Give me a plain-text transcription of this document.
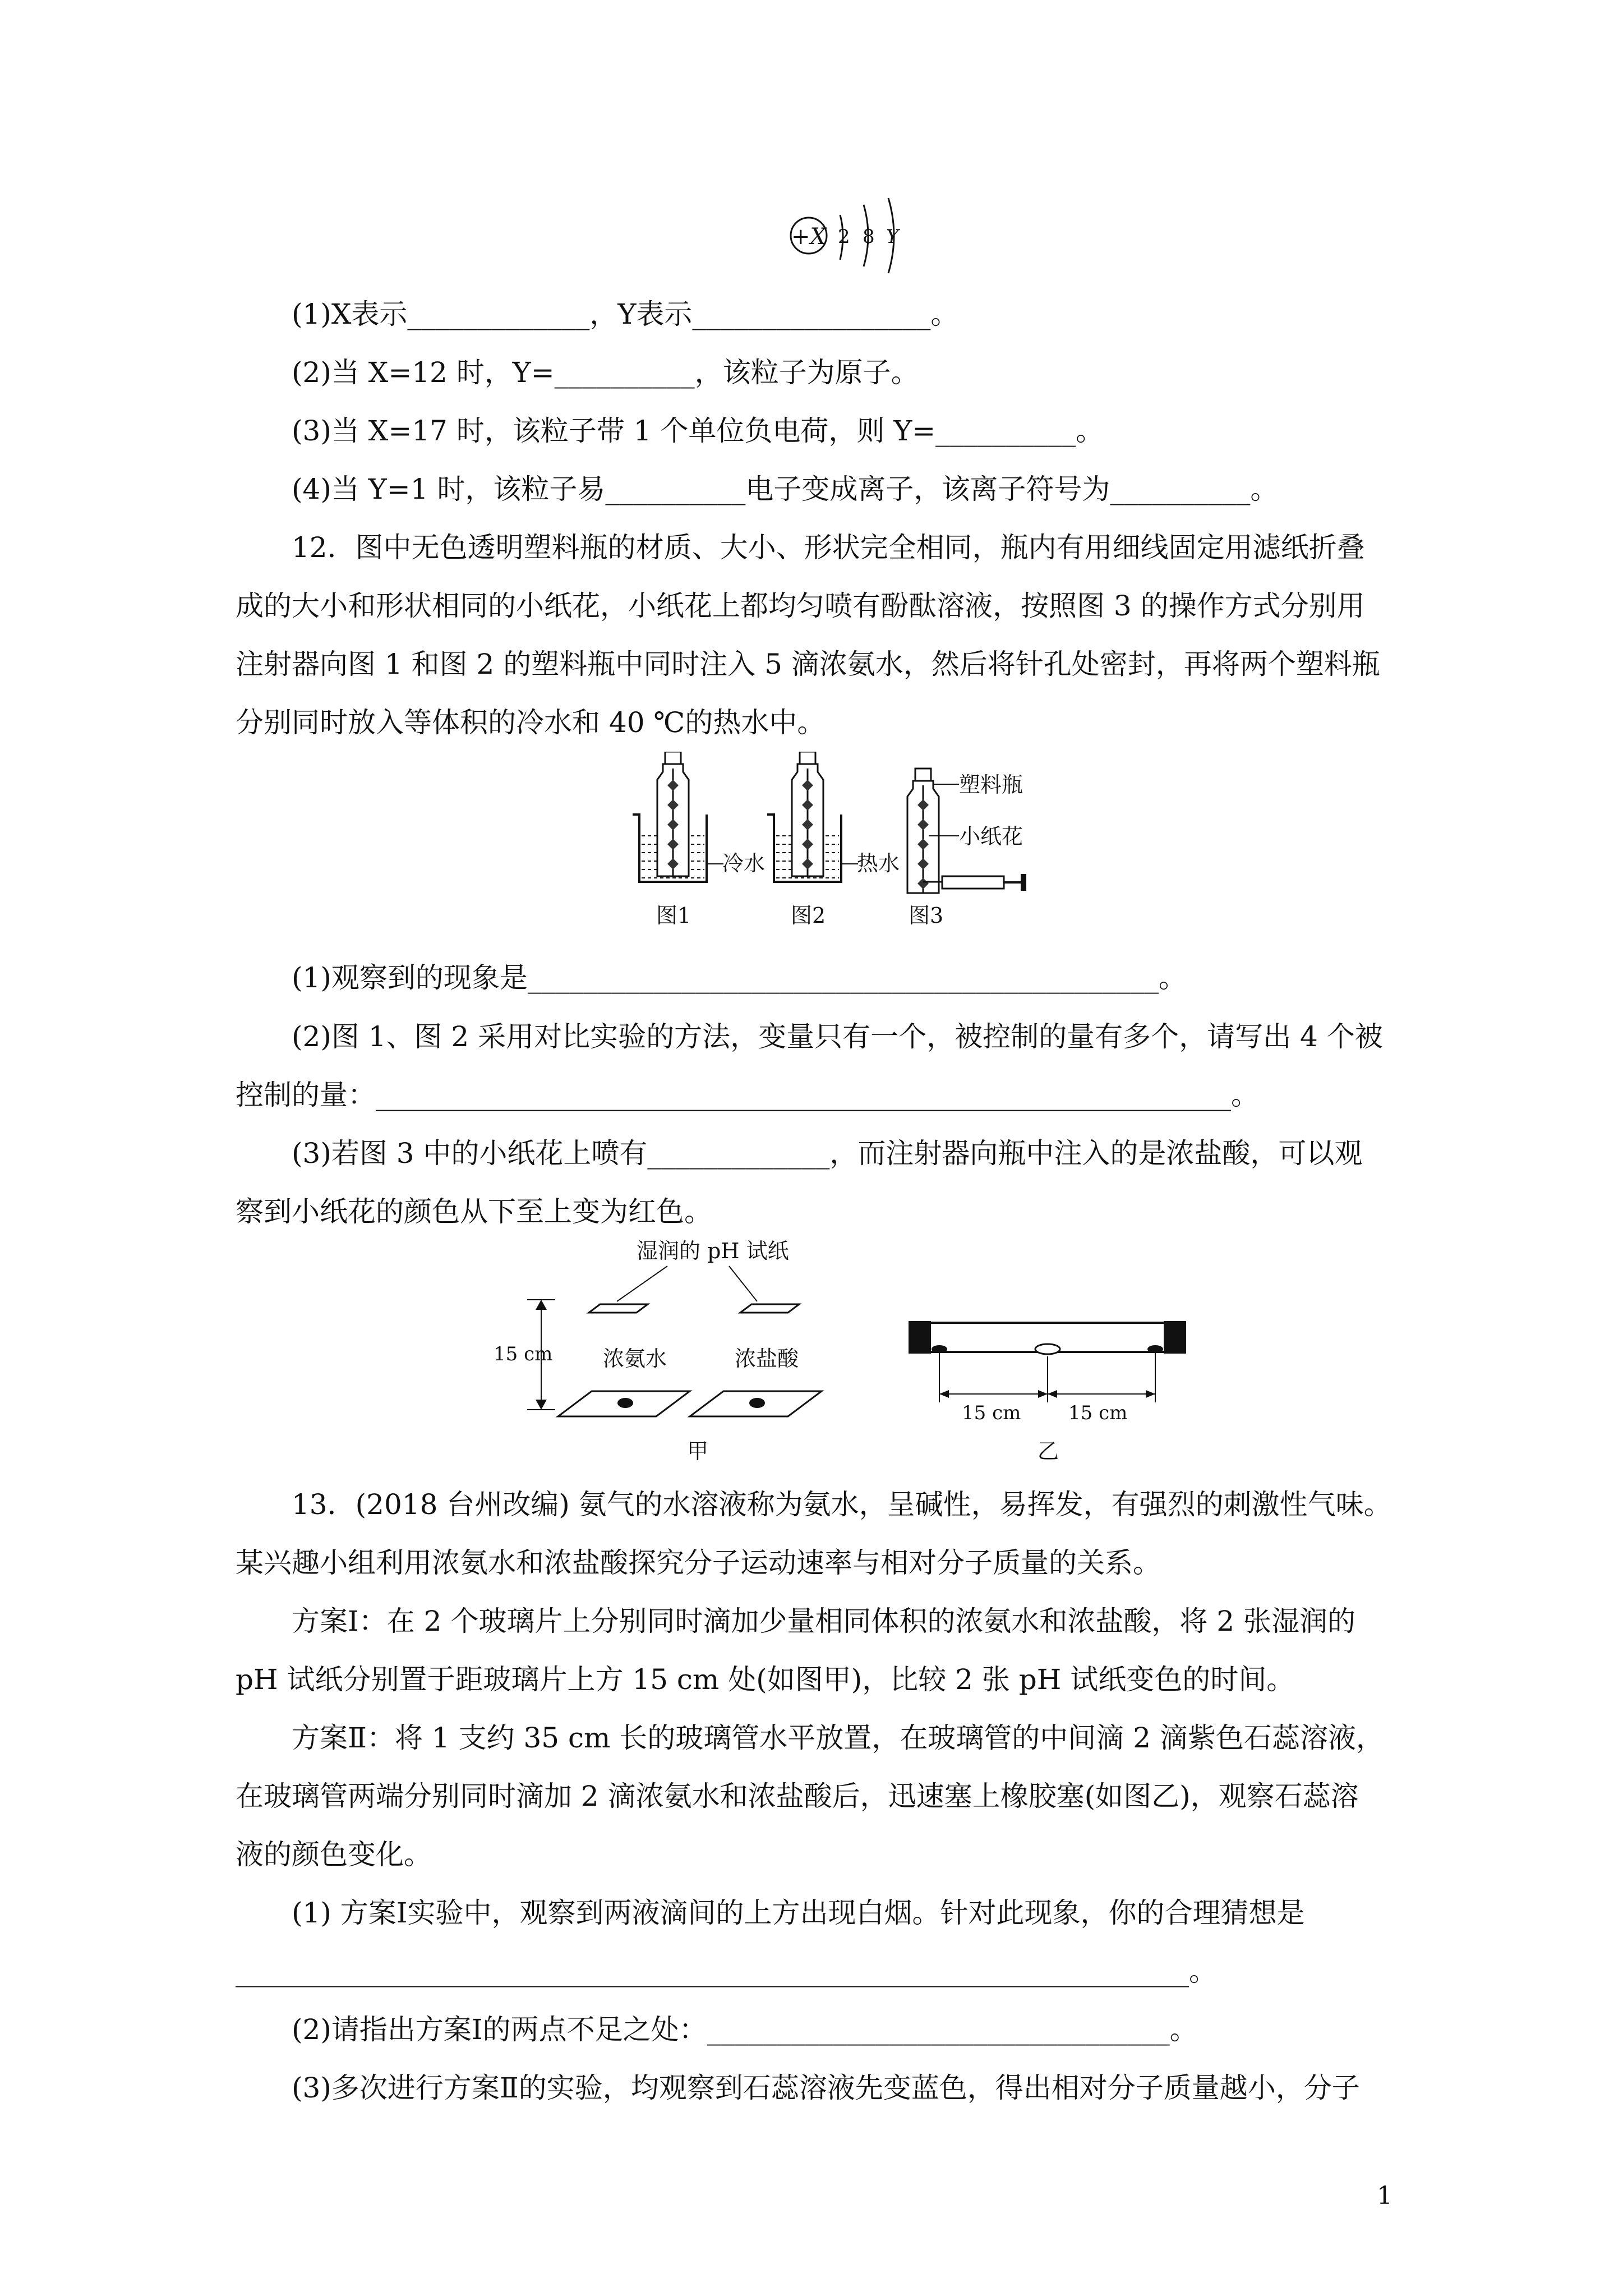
+X 2 8 Y
(1)X表示_____________，Y表示_________________。
(2)当 X=12 时，Y=__________，该粒子为原子。
(3)当 X=17 时，该粒子带 1 个单位负电荷，则 Y=__________。
(4)当 Y=1 时，该粒子易__________电子变成离子，该离子符号为__________。
12．图中无色透明塑料瓶的材质、大小、形状完全相同，瓶内有用细线固定用滤纸折叠
成的大小和形状相同的小纸花，小纸花上都均匀喷有酚酞溶液，按照图 3 的操作方式分别用
注射器向图 1 和图 2 的塑料瓶中同时注入 5 滴浓氨水，然后将针孔处密封，再将两个塑料瓶
分别同时放入等体积的冷水和 40 ℃的热水中。
冷水
图1
热水
图2
塑料瓶
小纸花
图3
(1)观察到的现象是_____________________________________________。
(2)图 1、图 2 采用对比实验的方法，变量只有一个，被控制的量有多个，请写出 4 个被
控制的量：_____________________________________________________________。
(3)若图 3 中的小纸花上喷有_____________，而注射器向瓶中注入的是浓盐酸，可以观
察到小纸花的颜色从下至上变为红色。
湿润的 pH 试纸
15 cm 浓氨水	浓盐酸
甲
15 cm 15 cm
乙
13．(2018 台州改编) 氨气的水溶液称为氨水，呈碱性，易挥发，有强烈的刺激性气味。
某兴趣小组利用浓氨水和浓盐酸探究分子运动速率与相对分子质量的关系。
方案Ⅰ：在 2 个玻璃片上分别同时滴加少量相同体积的浓氨水和浓盐酸，将 2 张湿润的
pH 试纸分别置于距玻璃片上方 15 cm 处(如图甲)，比较 2 张 pH 试纸变色的时间。
方案Ⅱ：将 1 支约 35 cm 长的玻璃管水平放置，在玻璃管的中间滴 2 滴紫色石蕊溶液，
在玻璃管两端分别同时滴加 2 滴浓氨水和浓盐酸后，迅速塞上橡胶塞(如图乙)，观察石蕊溶
液的颜色变化。
(1) 方案Ⅰ实验中，观察到两液滴间的上方出现白烟。针对此现象，你的合理猜想是
____________________________________________________________________。
(2)请指出方案Ⅰ的两点不足之处：_________________________________。
(3)多次进行方案Ⅱ的实验，均观察到石蕊溶液先变蓝色，得出相对分子质量越小，分子
1
